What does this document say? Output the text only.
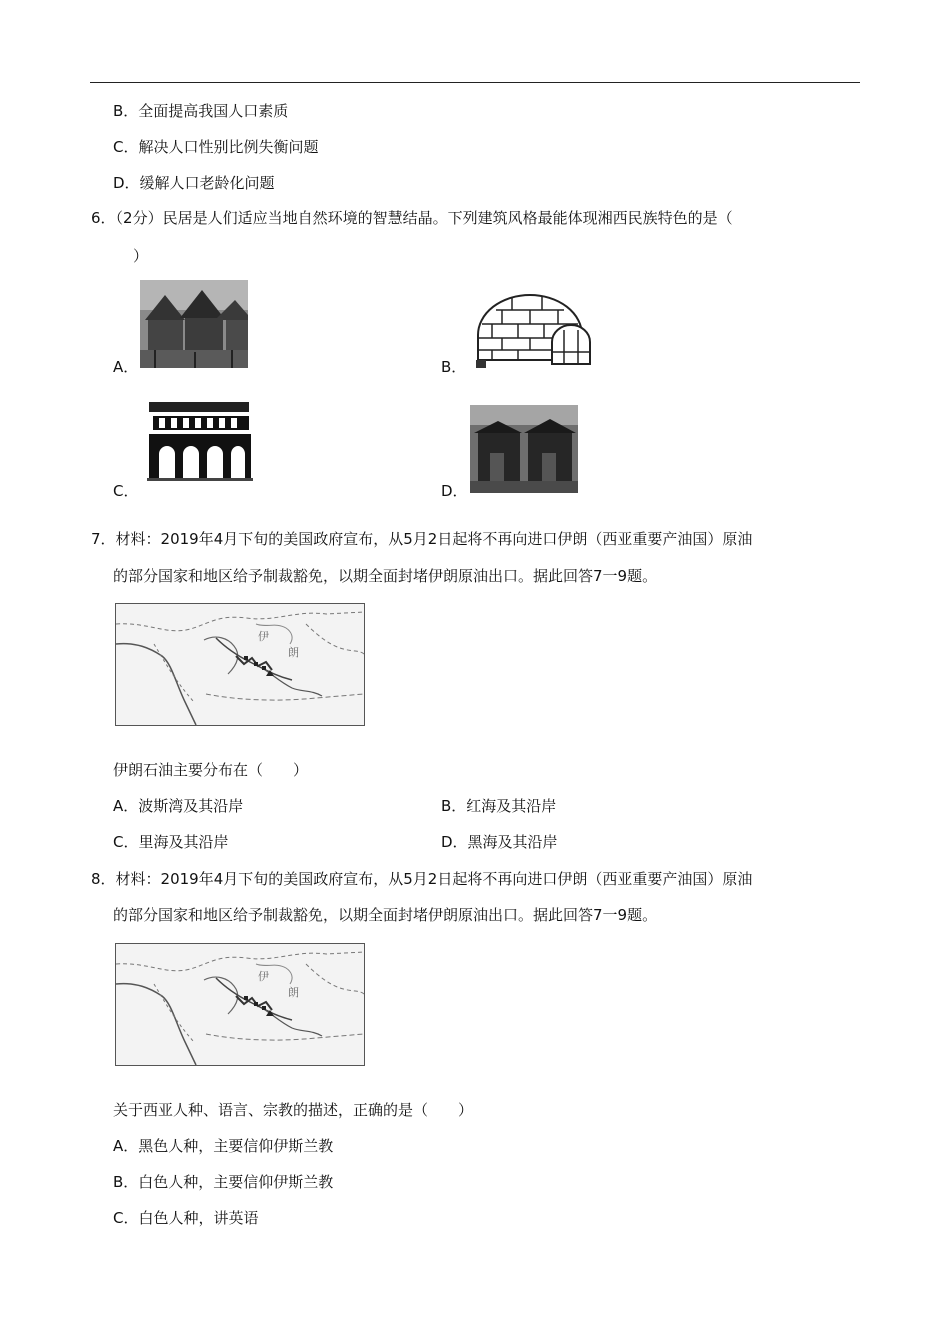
B．全面提高我国人口素质
C．解决人口性别比例失衡问题
D．缓解人口老龄化问题
6．（2分）民居是人们适应当地自然环境的智慧结晶。下列建筑风格最能体现湘西民族特色的是（
）
A．	B．
C．	D．
7．材料：2019年4月下旬的美国政府宣布，从5月2日起将不再向进口伊朗（西亚重要产油国）原油
的部分国家和地区给予制裁豁免，以期全面封堵伊朗原油出口。据此回答7一9题。
伊
朗
伊朗石油主要分布在（　　）
A．波斯湾及其沿岸	B．红海及其沿岸
C．里海及其沿岸	D．黑海及其沿岸
8．材料：2019年4月下旬的美国政府宣布，从5月2日起将不再向进口伊朗（西亚重要产油国）原油
的部分国家和地区给予制裁豁免，以期全面封堵伊朗原油出口。据此回答7一9题。
伊
朗
关于西亚人种、语言、宗教的描述，正确的是（　　）
A．黑色人种，主要信仰伊斯兰教
B．白色人种，主要信仰伊斯兰教
C．白色人种，讲英语
